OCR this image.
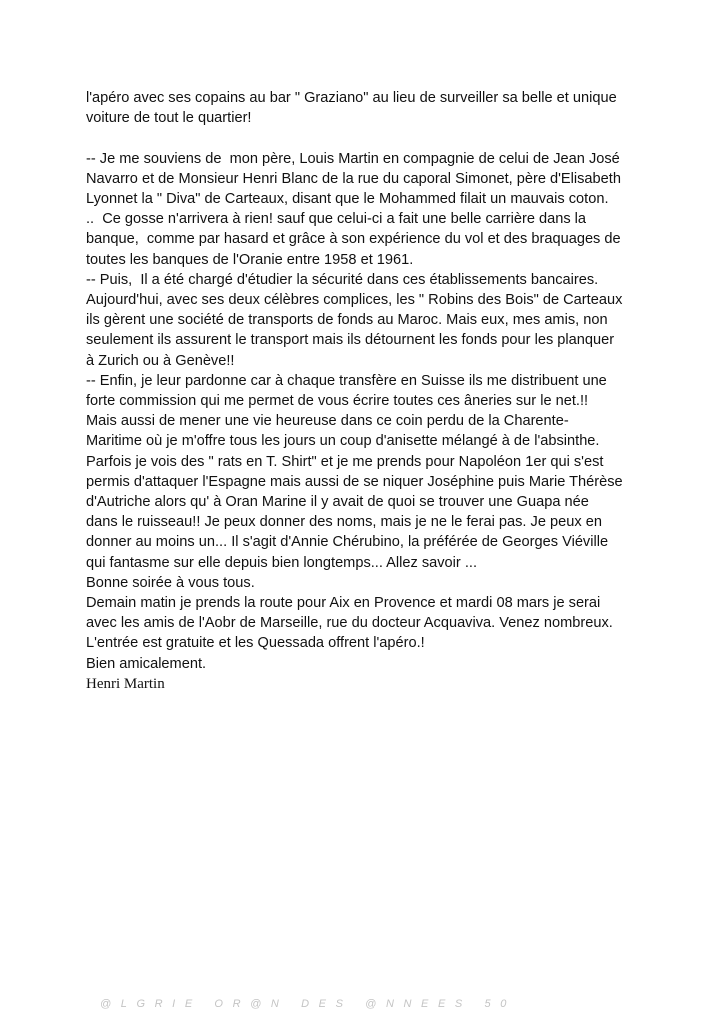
l'apéro avec ses copains au bar " Graziano" au lieu de surveiller sa belle et unique
voiture de tout le quartier!
-- Je me souviens de  mon père, Louis Martin en compagnie de celui de Jean José
Navarro et de Monsieur Henri Blanc de la rue du caporal Simonet, père d'Elisabeth
Lyonnet la " Diva" de Carteaux, disant que le Mohammed filait un mauvais coton.
..  Ce gosse n'arrivera à rien! sauf que celui-ci a fait une belle carrière dans la
banque,  comme par hasard et grâce à son expérience du vol et des braquages de
toutes les banques de l'Oranie entre 1958 et 1961.
-- Puis,  Il a été chargé d'étudier la sécurité dans ces établissements bancaires.
Aujourd'hui, avec ses deux célèbres complices, les " Robins des Bois" de Carteaux
ils gèrent une société de transports de fonds au Maroc. Mais eux, mes amis, non
seulement ils assurent le transport mais ils détournent les fonds pour les planquer
à Zurich ou à Genève!!
-- Enfin, je leur pardonne car à chaque transfère en Suisse ils me distribuent une
forte commission qui me permet de vous écrire toutes ces âneries sur le net.!!
Mais aussi de mener une vie heureuse dans ce coin perdu de la Charente-
Maritime où je m'offre tous les jours un coup d'anisette mélangé à de l'absinthe.
Parfois je vois des " rats en T. Shirt" et je me prends pour Napoléon 1er qui s'est
permis d'attaquer l'Espagne mais aussi de se niquer Joséphine puis Marie Thérèse
d'Autriche alors qu' à Oran Marine il y avait de quoi se trouver une Guapa née
dans le ruisseau!! Je peux donner des noms, mais je ne le ferai pas. Je peux en
donner au moins un... Il s'agit d'Annie Chérubino, la préférée de Georges Viéville
qui fantasme sur elle depuis bien longtemps... Allez savoir ...
Bonne soirée à vous tous.
Demain matin je prends la route pour Aix en Provence et mardi 08 mars je serai
avec les amis de l'Aobr de Marseille, rue du docteur Acquaviva. Venez nombreux.
L'entrée est gratuite et les Quessada offrent l'apéro.!
Bien amicalement.
Henri Martin
@LGRIE OR@N DES @NNEES 50
